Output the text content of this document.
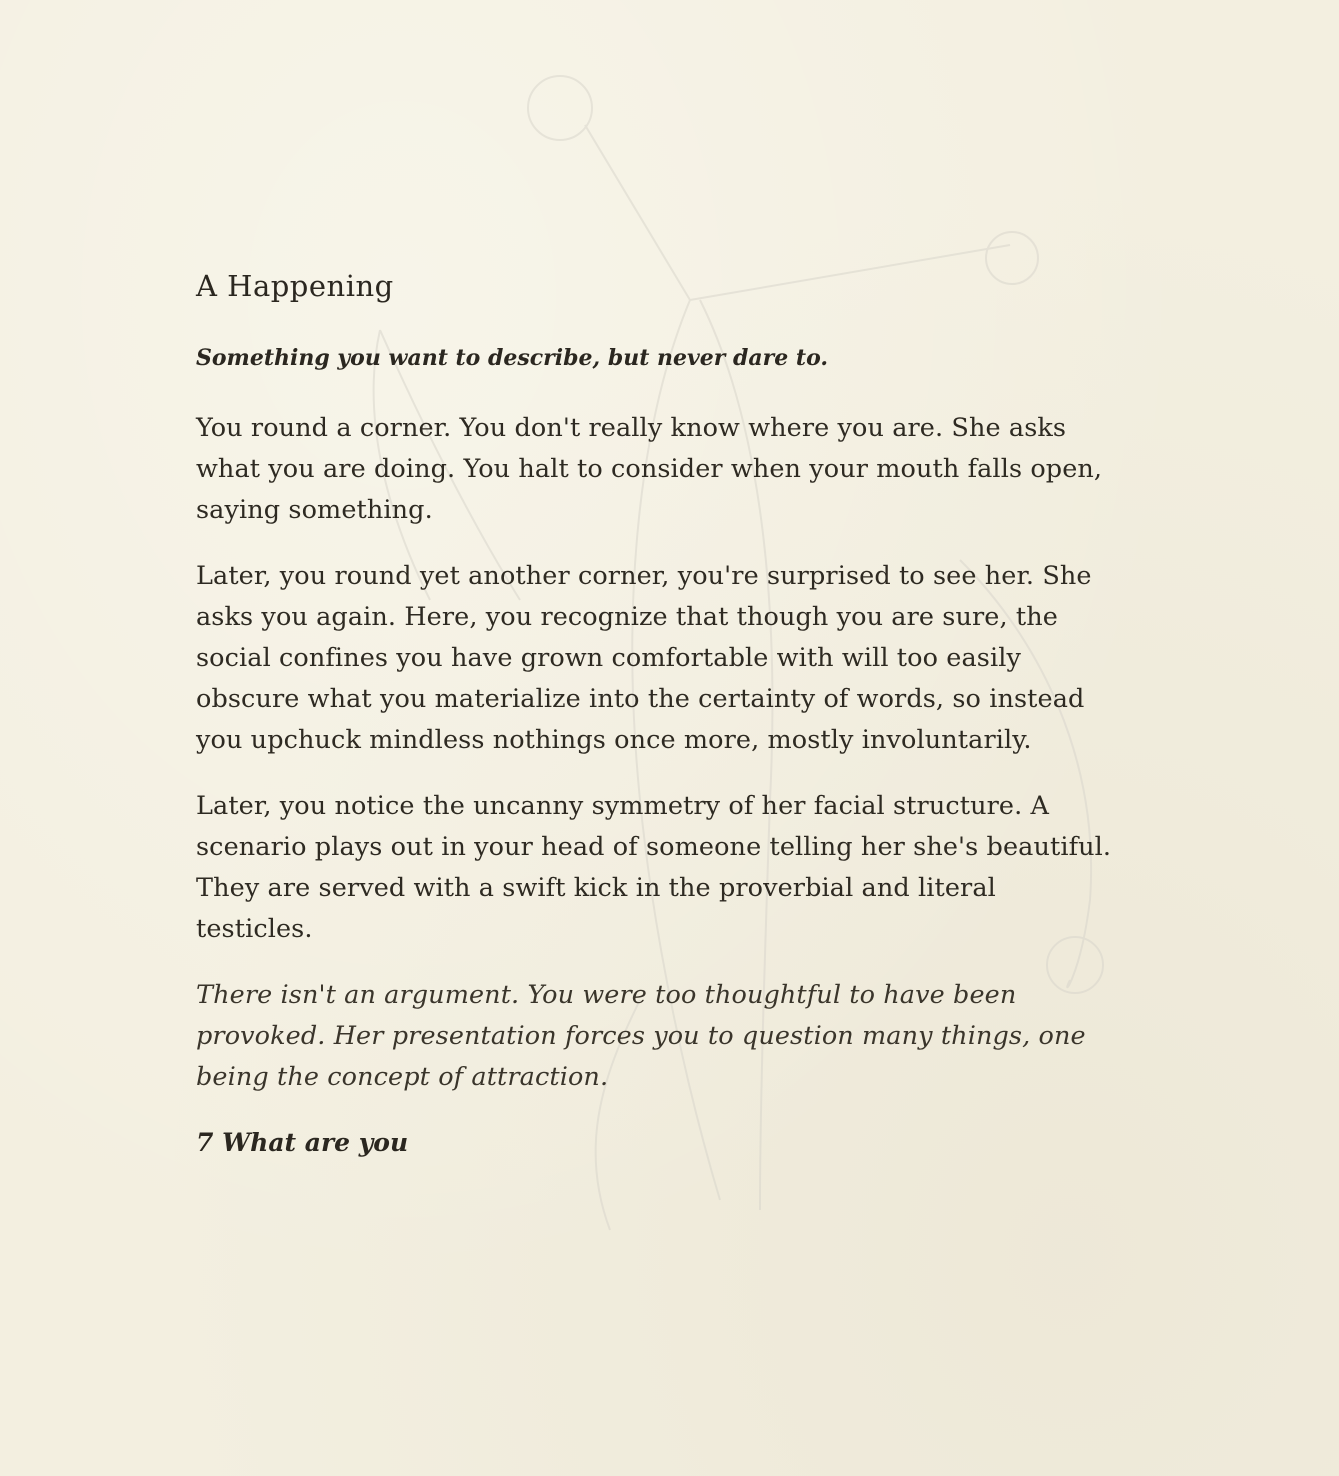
A Happening
Something you want to describe, but never dare to.

You round a corner. You don't really know where you are. She asks what you are doing. You halt to consider when your mouth falls open, saying something.

Later, you round yet another corner, you're surprised to see her. She asks you again. Here, you recognize that though you are sure, the social confines you have grown comfortable with will too easily obscure what you materialize into the certainty of words, so instead you upchuck mindless nothings once more, mostly involuntarily.

Later, you notice the uncanny symmetry of her facial structure. A scenario plays out in your head of someone telling her she's beautiful. They are served with a swift kick in the proverbial and literal testicles.

There isn't an argument. You were too thoughtful to have been provoked. Her presentation forces you to question many things, one being the concept of attraction.

7 What are you
